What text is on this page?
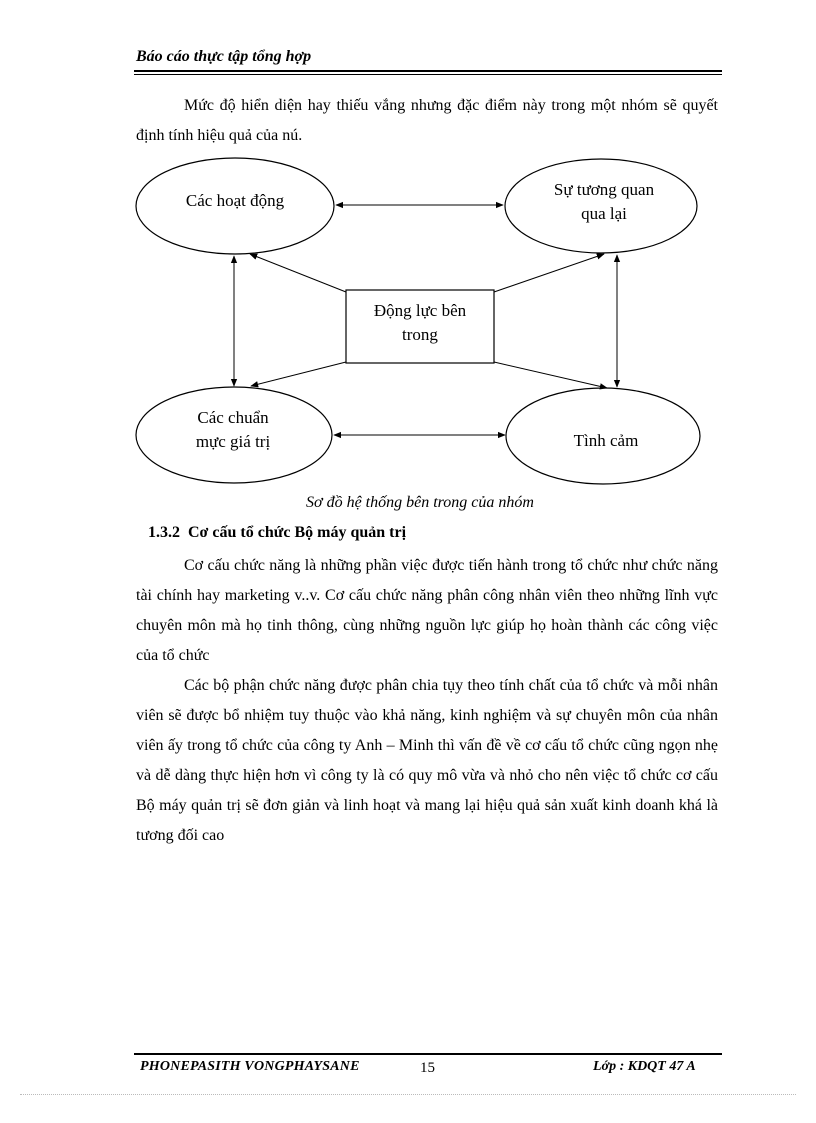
Báo cáo thực tập tổng hợp

Mức độ hiển diện hay thiếu vắng nhưng đặc điểm này trong một nhóm sẽ quyết định tính hiệu quả của nú.

Các hoạt động
Sự tương quan
qua lại
Động lực bên
trong
Các chuẩn
mực giá trị	Tình cảm
Sơ đồ hệ thống bên trong của nhóm
1.3.2 Cơ cấu tổ chức Bộ máy quản trị

Cơ cấu chức năng là những phần việc được tiến hành trong tổ chức như chức năng tài chính hay marketing v..v. Cơ cấu chức năng phân công nhân viên theo những lĩnh vực chuyên môn mà họ tinh thông, cùng những nguồn lực giúp họ hoàn thành các công việc của tổ chức

Các bộ phận chức năng được phân chia tụy theo tính chất của tổ chức và mỗi nhân viên sẽ được bổ nhiệm tuy thuộc vào khả năng, kinh nghiệm và sự chuyên môn của nhân viên ấy trong tổ chức của công ty Anh – Minh thì vấn đề về cơ cấu tổ chức cũng ngọn nhẹ và dễ dàng thực hiện hơn vì công ty là có quy mô vừa và nhỏ cho nên việc tổ chức cơ cấu Bộ máy quản trị sẽ đơn giản và linh hoạt và mang lại hiệu quả sản xuất kinh doanh khá là tương đối cao

PHONEPASITH VONGPHAYSANE	15	Lớp : KDQT 47 A
